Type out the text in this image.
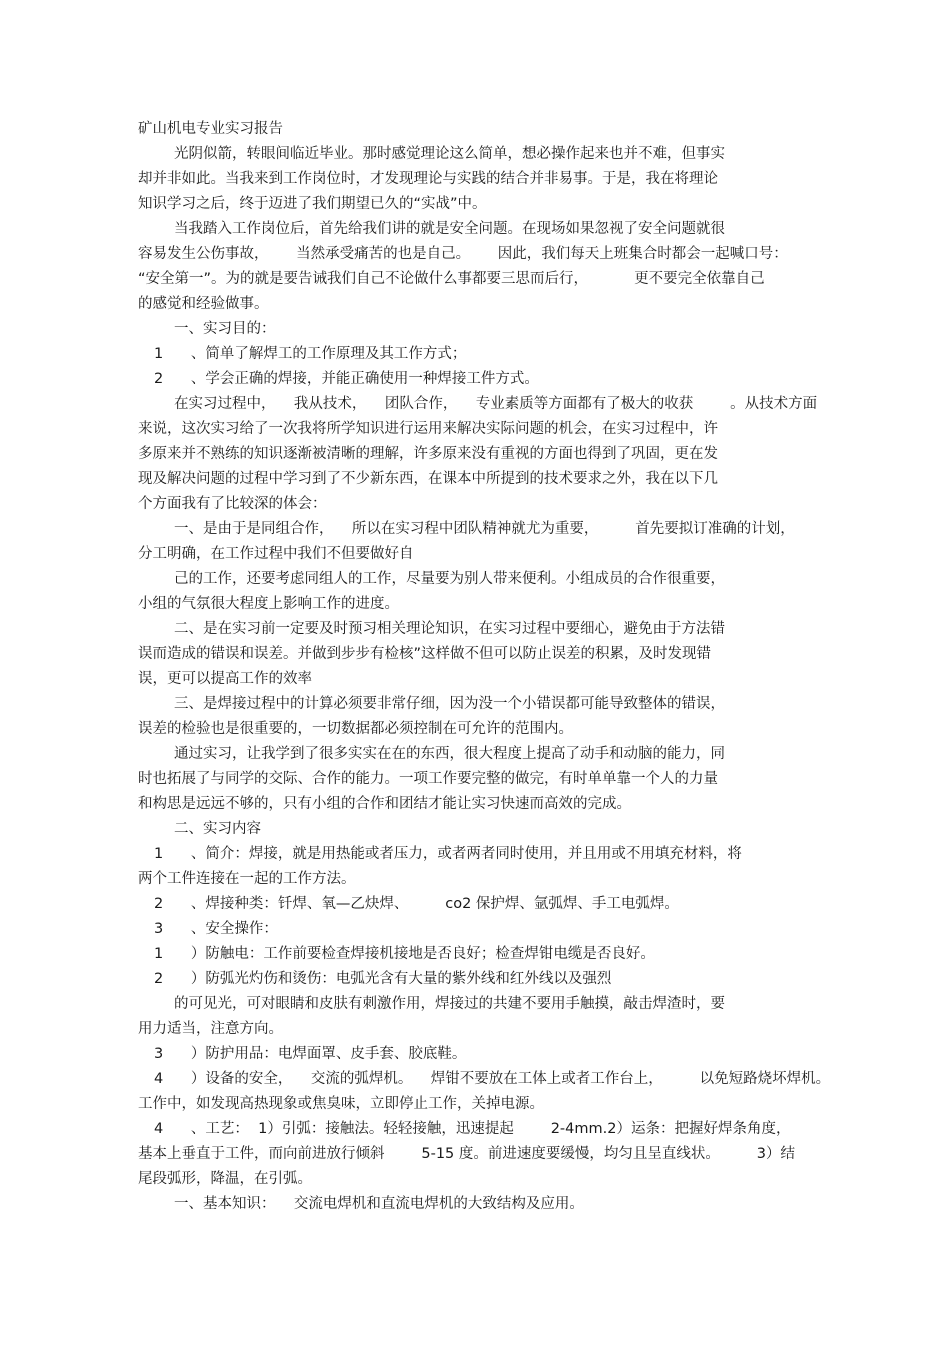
矿山机电专业实习报告
光阴似箭，转眼间临近毕业。那时感觉理论这么简单，想必操作起来也并不难，但事实
却并非如此。当我来到工作岗位时，才发现理论与实践的结合并非易事。于是，我在将理论
知识学习之后，终于迈进了我们期望已久的“实战”中。
当我踏入工作岗位后，首先给我们讲的就是安全问题。在现场如果忽视了安全问题就很
容易发生公伤事故，      当然承受痛苦的也是自己。      因此，我们每天上班集合时都会一起喊口号：
“安全第一”。为的就是要告诫我们自己不论做什么事都要三思而后行，          更不要完全依靠自己
的感觉和经验做事。
一、实习目的：
1      、简单了解焊工的工作原理及其工作方式；
2      、学会正确的焊接，并能正确使用一种焊接工件方式。
在实习过程中，    我从技术，    团队合作，    专业素质等方面都有了极大的收获        。从技术方面
来说，这次实习给了一次我将所学知识进行运用来解决实际问题的机会，在实习过程中，许
多原来并不熟练的知识逐渐被清晰的理解，许多原来没有重视的方面也得到了巩固，更在发
现及解决问题的过程中学习到了不少新东西，在课本中所提到的技术要求之外，我在以下几
个方面我有了比较深的体会：
一、是由于是同组合作，    所以在实习程中团队精神就尤为重要，        首先要拟订准确的计划，
分工明确，在工作过程中我们不但要做好自
己的工作，还要考虑同组人的工作，尽量要为别人带来便利。小组成员的合作很重要，
小组的气氛很大程度上影响工作的进度。
二、是在实习前一定要及时预习相关理论知识，在实习过程中要细心，避免由于方法错
误而造成的错误和误差。并做到步步有检核”这样做不但可以防止误差的积累，及时发现错
误，更可以提高工作的效率
三、是焊接过程中的计算必须要非常仔细，因为没一个小错误都可能导致整体的错误，
误差的检验也是很重要的，一切数据都必须控制在可允许的范围内。
通过实习，让我学到了很多实实在在的东西，很大程度上提高了动手和动脑的能力，同
时也拓展了与同学的交际、合作的能力。一项工作要完整的做完，有时单单靠一个人的力量
和构思是远远不够的，只有小组的合作和团结才能让实习快速而高效的完成。
二、实习内容
1      、简介：焊接，就是用热能或者压力，或者两者同时使用，并且用或不用填充材料，将
两个工件连接在一起的工作方法。
2      、焊接种类：钎焊、氧—乙炔焊、        co2 保护焊、氩弧焊、手工电弧焊。
3      、安全操作：
1      ）防触电：工作前要检查焊接机接地是否良好；检查焊钳电缆是否良好。
2      ）防弧光灼伤和烫伤：电弧光含有大量的紫外线和红外线以及强烈
的可见光，可对眼睛和皮肤有刺激作用，焊接过的共建不要用手触摸，敲击焊渣时，要
用力适当，注意方向。
3      ）防护用品：电焊面罩、皮手套、胶底鞋。
4      ）设备的安全，    交流的弧焊机。    焊钳不要放在工体上或者工作台上，        以免短路烧坏焊机。
工作中，如发现高热现象或焦臭味，立即停止工作，关掉电源。
4      、工艺：  1）引弧：接触法。轻轻接触，迅速提起        2-4mm.2）运条：把握好焊条角度，
基本上垂直于工件，而向前进放行倾斜        5-15 度。前进速度要缓慢，均匀且呈直线状。        3）结
尾段弧形，降温，在引弧。
一、基本知识：    交流电焊机和直流电焊机的大致结构及应用。
